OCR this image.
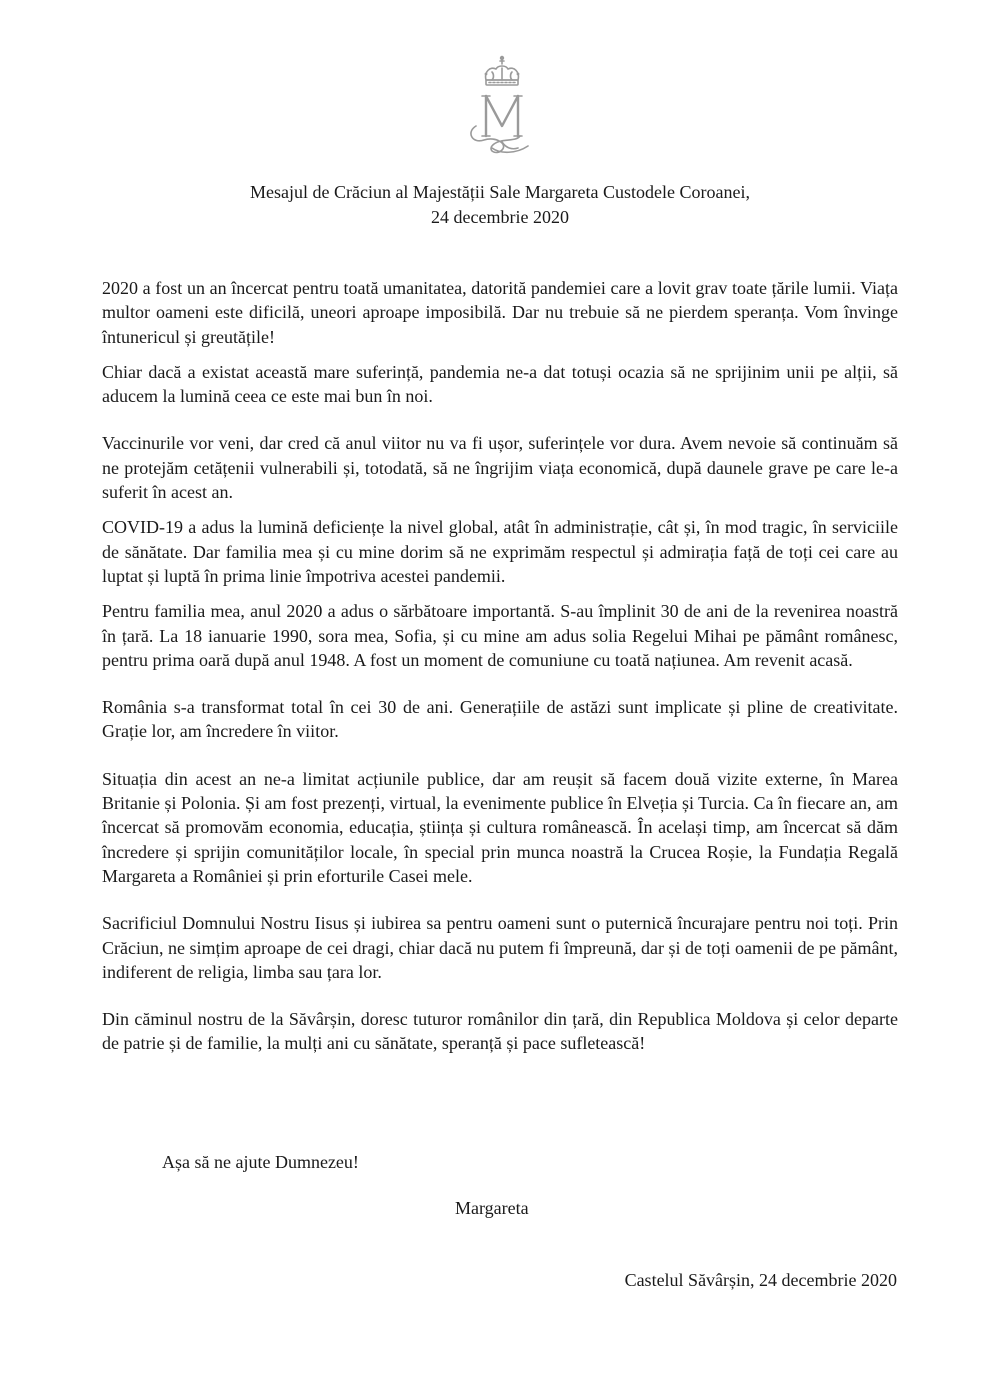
Mesajul de Crăciun al Majestății Sale Margareta Custodele Coroanei,
24 decembrie 2020

2020 a fost un an încercat pentru toată umanitatea, datorită pandemiei care a lovit grav toate țările lumii. Viața multor oameni este dificilă, uneori aproape imposibilă. Dar nu trebuie să ne pierdem speranța. Vom învinge întunericul și greutățile!

Chiar dacă a existat această mare suferință, pandemia ne-a dat totuși ocazia să ne sprijinim unii pe alții, să aducem la lumină ceea ce este mai bun în noi.

Vaccinurile vor veni, dar cred că anul viitor nu va fi ușor, suferințele vor dura. Avem nevoie să continuăm să ne protejăm cetățenii vulnerabili și, totodată, să ne îngrijim viața economică, după daunele grave pe care le-a suferit în acest an.

COVID-19 a adus la lumină deficiențe la nivel global, atât în administrație, cât și, în mod tragic, în serviciile de sănătate. Dar familia mea și cu mine dorim să ne exprimăm respectul și admirația față de toți cei care au luptat și luptă în prima linie împotriva acestei pandemii.

Pentru familia mea, anul 2020 a adus o sărbătoare importantă. S-au împlinit 30 de ani de la revenirea noastră în țară. La 18 ianuarie 1990, sora mea, Sofia, și cu mine am adus solia Regelui Mihai pe pământ românesc, pentru prima oară după anul 1948. A fost un moment de comuniune cu toată națiunea. Am revenit acasă.

România s-a transformat total în cei 30 de ani. Generațiile de astăzi sunt implicate și pline de creativitate. Grație lor, am încredere în viitor.

Situația din acest an ne-a limitat acțiunile publice, dar am reușit să facem două vizite externe, în Marea Britanie și Polonia. Și am fost prezenți, virtual, la evenimente publice în Elveția și Turcia. Ca în fiecare an, am încercat să promovăm economia, educația, știința și cultura românească. În același timp, am încercat să dăm încredere și sprijin comunităților locale, în special prin munca noastră la Crucea Roșie, la Fundația Regală Margareta a României și prin eforturile Casei mele.

Sacrificiul Domnului Nostru Iisus și iubirea sa pentru oameni sunt o puternică încurajare pentru noi toți. Prin Crăciun, ne simțim aproape de cei dragi, chiar dacă nu putem fi împreună, dar și de toți oamenii de pe pământ, indiferent de religia, limba sau țara lor.

Din căminul nostru de la Săvârșin, doresc tuturor românilor din țară, din Republica Moldova și celor departe de patrie și de familie, la mulți ani cu sănătate, speranță și pace sufletească!

Așa să ne ajute Dumnezeu!
Margareta
Castelul Săvârșin, 24 decembrie 2020
